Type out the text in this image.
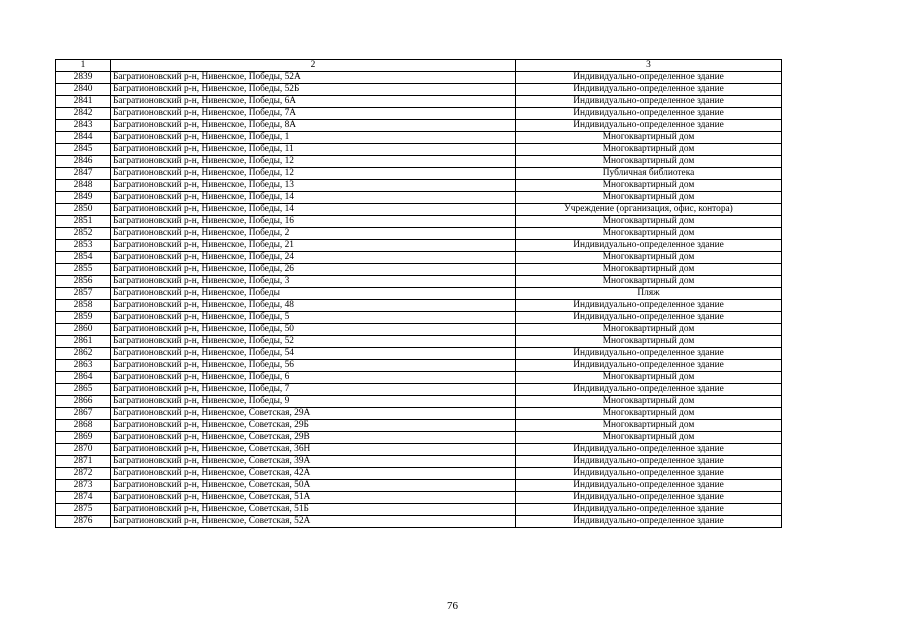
1	2	3
2839	Багратионовский р-н, Нивенское, Победы, 52А	Индивидуально-определенное здание
2840	Багратионовский р-н, Нивенское, Победы, 52Б	Индивидуально-определенное здание
2841	Багратионовский р-н, Нивенское, Победы, 6А	Индивидуально-определенное здание
2842	Багратионовский р-н, Нивенское, Победы, 7А	Индивидуально-определенное здание
2843	Багратионовский р-н, Нивенское, Победы, 8А	Индивидуально-определенное здание
2844	Багратионовский р-н, Нивенское, Победы, 1	Многоквартирный дом
2845	Багратионовский р-н, Нивенское, Победы, 11	Многоквартирный дом
2846	Багратионовский р-н, Нивенское, Победы, 12	Многоквартирный дом
2847	Багратионовский р-н, Нивенское, Победы, 12	Публичная библиотека
2848	Багратионовский р-н, Нивенское, Победы, 13	Многоквартирный дом
2849	Багратионовский р-н, Нивенское, Победы, 14	Многоквартирный дом
2850	Багратионовский р-н, Нивенское, Победы, 14	Учреждение (организация, офис, контора)
2851	Багратионовский р-н, Нивенское, Победы, 16	Многоквартирный дом
2852	Багратионовский р-н, Нивенское, Победы, 2	Многоквартирный дом
2853	Багратионовский р-н, Нивенское, Победы, 21	Индивидуально-определенное здание
2854	Багратионовский р-н, Нивенское, Победы, 24	Многоквартирный дом
2855	Багратионовский р-н, Нивенское, Победы, 26	Многоквартирный дом
2856	Багратионовский р-н, Нивенское, Победы, 3	Многоквартирный дом
2857	Багратионовский р-н, Нивенское, Победы	Пляж
2858	Багратионовский р-н, Нивенское, Победы, 48	Индивидуально-определенное здание
2859	Багратионовский р-н, Нивенское, Победы, 5	Индивидуально-определенное здание
2860	Багратионовский р-н, Нивенское, Победы, 50	Многоквартирный дом
2861	Багратионовский р-н, Нивенское, Победы, 52	Многоквартирный дом
2862	Багратионовский р-н, Нивенское, Победы, 54	Индивидуально-определенное здание
2863	Багратионовский р-н, Нивенское, Победы, 56	Индивидуально-определенное здание
2864	Багратионовский р-н, Нивенское, Победы, 6	Многоквартирный дом
2865	Багратионовский р-н, Нивенское, Победы, 7	Индивидуально-определенное здание
2866	Багратионовский р-н, Нивенское, Победы, 9	Многоквартирный дом
2867	Багратионовский р-н, Нивенское, Советская, 29А	Многоквартирный дом
2868	Багратионовский р-н, Нивенское, Советская, 29Б	Многоквартирный дом
2869	Багратионовский р-н, Нивенское, Советская, 29В	Многоквартирный дом
2870	Багратионовский р-н, Нивенское, Советская, 36Н	Индивидуально-определенное здание
2871	Багратионовский р-н, Нивенское, Советская, 39А	Индивидуально-определенное здание
2872	Багратионовский р-н, Нивенское, Советская, 42А	Индивидуально-определенное здание
2873	Багратионовский р-н, Нивенское, Советская, 50А	Индивидуально-определенное здание
2874	Багратионовский р-н, Нивенское, Советская, 51А	Индивидуально-определенное здание
2875	Багратионовский р-н, Нивенское, Советская, 51Б	Индивидуально-определенное здание
2876	Багратионовский р-н, Нивенское, Советская, 52А	Индивидуально-определенное здание
76
